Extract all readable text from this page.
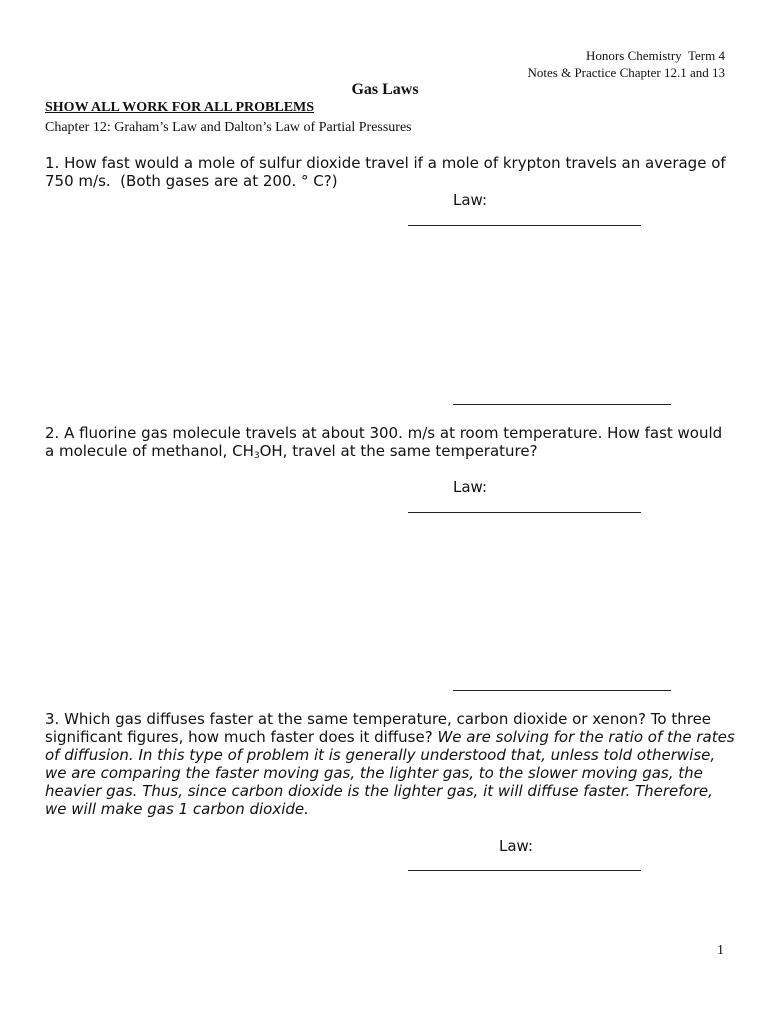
Honors Chemistry  Term 4
Notes & Practice Chapter 12.1 and 13
Gas Laws
SHOW ALL WORK FOR ALL PROBLEMS
Chapter 12: Graham’s Law and Dalton’s Law of Partial Pressures
1. How fast would a mole of sulfur dioxide travel if a mole of krypton travels an average of 750 m/s.  (Both gases are at 200. ° C?)
Law:
2. A fluorine gas molecule travels at about 300. m/s at room temperature. How fast would a molecule of methanol, $CH_3OH$, travel at the same temperature?
Law:
3. Which gas diffuses faster at the same temperature, carbon dioxide or xenon? To three significant figures, how much faster does it diffuse? We are solving for the ratio of the rates of diffusion. In this type of problem it is generally understood that, unless told otherwise, we are comparing the faster moving gas, the lighter gas, to the slower moving gas, the heavier gas. Thus, since carbon dioxide is the lighter gas, it will diffuse faster. Therefore, we will make gas 1 carbon dioxide.
Law:
1
